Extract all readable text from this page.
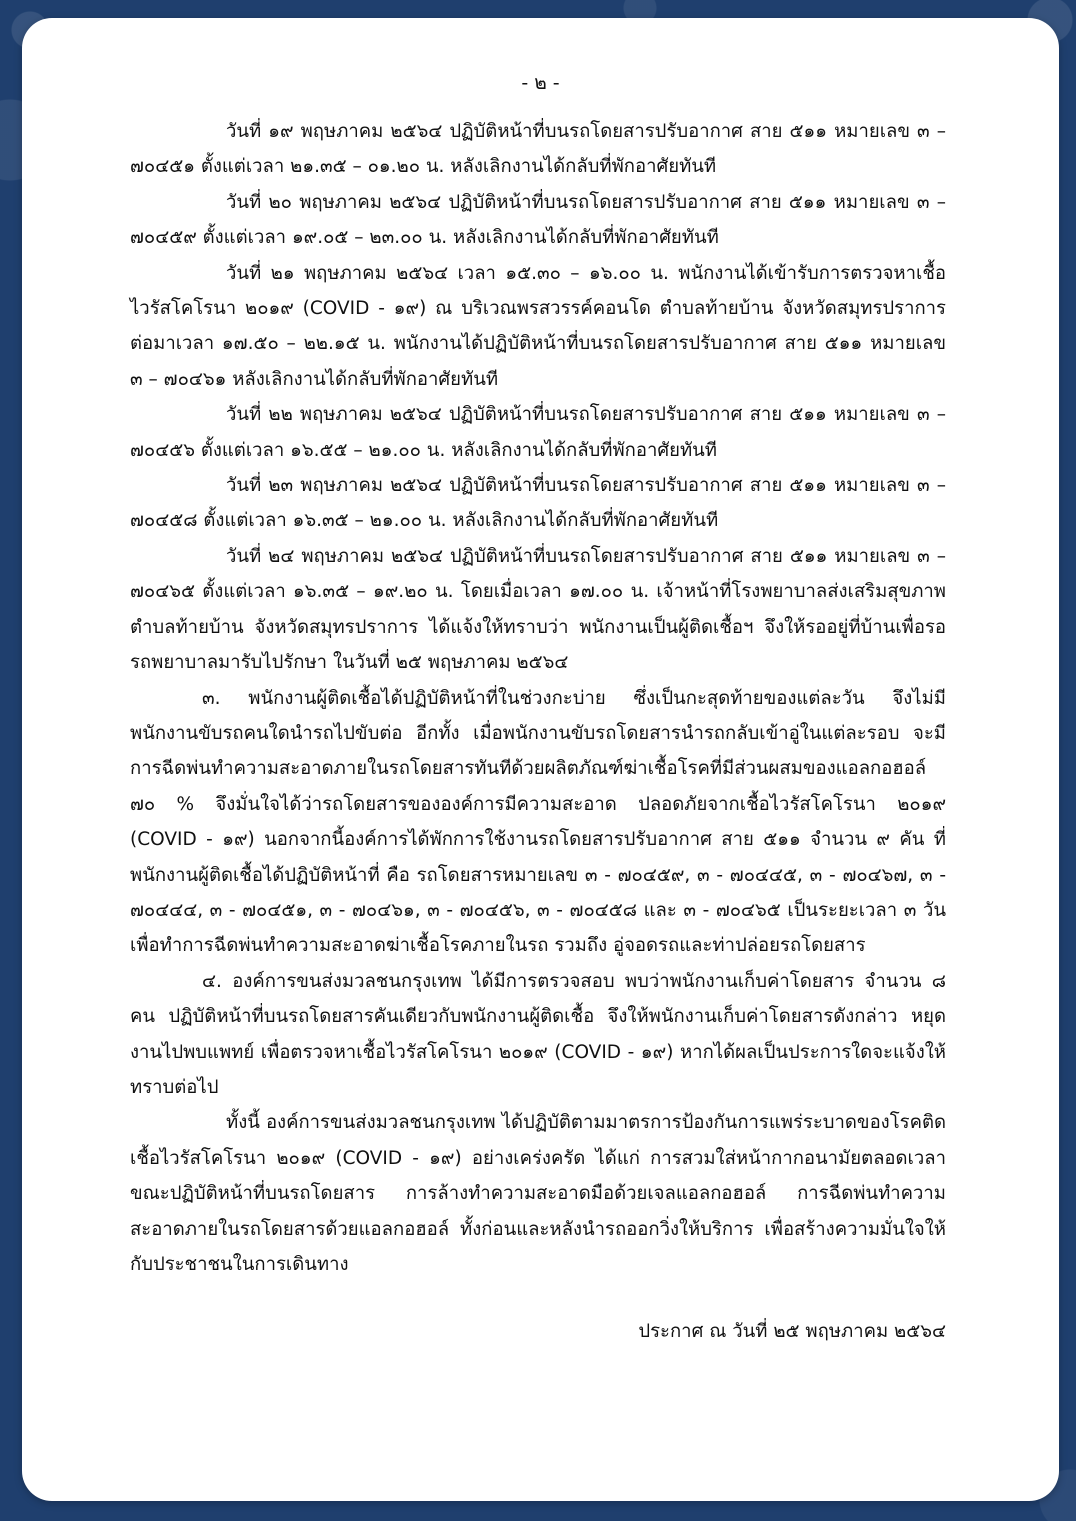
- ๒ -

วันที่ ๑๙ พฤษภาคม ๒๕๖๔ ปฏิบัติหน้าที่บนรถโดยสารปรับอากาศ สาย ๕๑๑ หมายเลข ๓ – ๗๐๔๕๑ ตั้งแต่เวลา ๒๑.๓๕ – ๐๑.๒๐ น. หลังเลิกงานได้กลับที่พักอาศัยทันที

วันที่ ๒๐ พฤษภาคม ๒๕๖๔ ปฏิบัติหน้าที่บนรถโดยสารปรับอากาศ สาย ๕๑๑ หมายเลข ๓ – ๗๐๔๕๙ ตั้งแต่เวลา ๑๙.๐๕ – ๒๓.๐๐ น. หลังเลิกงานได้กลับที่พักอาศัยทันที

วันที่ ๒๑ พฤษภาคม ๒๕๖๔ เวลา ๑๕.๓๐ – ๑๖.๐๐ น. พนักงานได้เข้ารับการตรวจหาเชื้อไวรัสโคโรนา ๒๐๑๙ (COVID - ๑๙) ณ บริเวณพรสวรรค์คอนโด ตำบลท้ายบ้าน จังหวัดสมุทรปราการ ต่อมาเวลา ๑๗.๕๐ – ๒๒.๑๕ น. พนักงานได้ปฏิบัติหน้าที่บนรถโดยสารปรับอากาศ สาย ๕๑๑ หมายเลข ๓ – ๗๐๔๖๑ หลังเลิกงานได้กลับที่พักอาศัยทันที

วันที่ ๒๒ พฤษภาคม ๒๕๖๔ ปฏิบัติหน้าที่บนรถโดยสารปรับอากาศ สาย ๕๑๑ หมายเลข ๓ – ๗๐๔๕๖ ตั้งแต่เวลา ๑๖.๕๕ – ๒๑.๐๐ น. หลังเลิกงานได้กลับที่พักอาศัยทันที

วันที่ ๒๓ พฤษภาคม ๒๕๖๔ ปฏิบัติหน้าที่บนรถโดยสารปรับอากาศ สาย ๕๑๑ หมายเลข ๓ – ๗๐๔๕๘ ตั้งแต่เวลา ๑๖.๓๕ – ๒๑.๐๐ น. หลังเลิกงานได้กลับที่พักอาศัยทันที

วันที่ ๒๔ พฤษภาคม ๒๕๖๔ ปฏิบัติหน้าที่บนรถโดยสารปรับอากาศ สาย ๕๑๑ หมายเลข ๓ – ๗๐๔๖๕ ตั้งแต่เวลา ๑๖.๓๕ – ๑๙.๒๐ น. โดยเมื่อเวลา ๑๗.๐๐ น. เจ้าหน้าที่โรงพยาบาลส่งเสริมสุขภาพตำบลท้ายบ้าน จังหวัดสมุทรปราการ ได้แจ้งให้ทราบว่า พนักงานเป็นผู้ติดเชื้อฯ จึงให้รออยู่ที่บ้านเพื่อรอรถพยาบาลมารับไปรักษา ในวันที่ ๒๕ พฤษภาคม ๒๕๖๔

๓. พนักงานผู้ติดเชื้อได้ปฏิบัติหน้าที่ในช่วงกะบ่าย ซึ่งเป็นกะสุดท้ายของแต่ละวัน จึงไม่มีพนักงานขับรถคนใดนำรถไปขับต่อ อีกทั้ง เมื่อพนักงานขับรถโดยสารนำรถกลับเข้าอู่ในแต่ละรอบ จะมีการฉีดพ่นทำความสะอาดภายในรถโดยสารทันทีด้วยผลิตภัณฑ์ฆ่าเชื้อโรคที่มีส่วนผสมของแอลกอฮอล์ ๗๐ % จึงมั่นใจได้ว่ารถโดยสารขององค์การมีความสะอาด ปลอดภัยจากเชื้อไวรัสโคโรนา ๒๐๑๙ (COVID - ๑๙) นอกจากนี้องค์การได้พักการใช้งานรถโดยสารปรับอากาศ สาย ๕๑๑ จำนวน ๙ คัน ที่พนักงานผู้ติดเชื้อได้ปฏิบัติหน้าที่ คือ รถโดยสารหมายเลข ๓ - ๗๐๔๕๙, ๓ - ๗๐๔๔๕, ๓ - ๗๐๔๖๗, ๓ - ๗๐๔๔๔, ๓ - ๗๐๔๕๑, ๓ - ๗๐๔๖๑, ๓ - ๗๐๔๕๖, ๓ - ๗๐๔๕๘ และ ๓ - ๗๐๔๖๕ เป็นระยะเวลา ๓ วัน เพื่อทำการฉีดพ่นทำความสะอาดฆ่าเชื้อโรคภายในรถ รวมถึง อู่จอดรถและท่าปล่อยรถโดยสาร

๔. องค์การขนส่งมวลชนกรุงเทพ ได้มีการตรวจสอบ พบว่าพนักงานเก็บค่าโดยสาร จำนวน ๘ คน ปฏิบัติหน้าที่บนรถโดยสารคันเดียวกับพนักงานผู้ติดเชื้อ จึงให้พนักงานเก็บค่าโดยสารดังกล่าว หยุดงานไปพบแพทย์ เพื่อตรวจหาเชื้อไวรัสโคโรนา ๒๐๑๙ (COVID - ๑๙) หากได้ผลเป็นประการใดจะแจ้งให้ทราบต่อไป

ทั้งนี้ องค์การขนส่งมวลชนกรุงเทพ ได้ปฏิบัติตามมาตรการป้องกันการแพร่ระบาดของโรคติดเชื้อไวรัสโคโรนา ๒๐๑๙ (COVID - ๑๙) อย่างเคร่งครัด ได้แก่ การสวมใส่หน้ากากอนามัยตลอดเวลาขณะปฏิบัติหน้าที่บนรถโดยสาร การล้างทำความสะอาดมือด้วยเจลแอลกอฮอล์ การฉีดพ่นทำความสะอาดภายในรถโดยสารด้วยแอลกอฮอล์ ทั้งก่อนและหลังนำรถออกวิ่งให้บริการ เพื่อสร้างความมั่นใจให้กับประชาชนในการเดินทาง

ประกาศ ณ วันที่ ๒๕ พฤษภาคม ๒๕๖๔
